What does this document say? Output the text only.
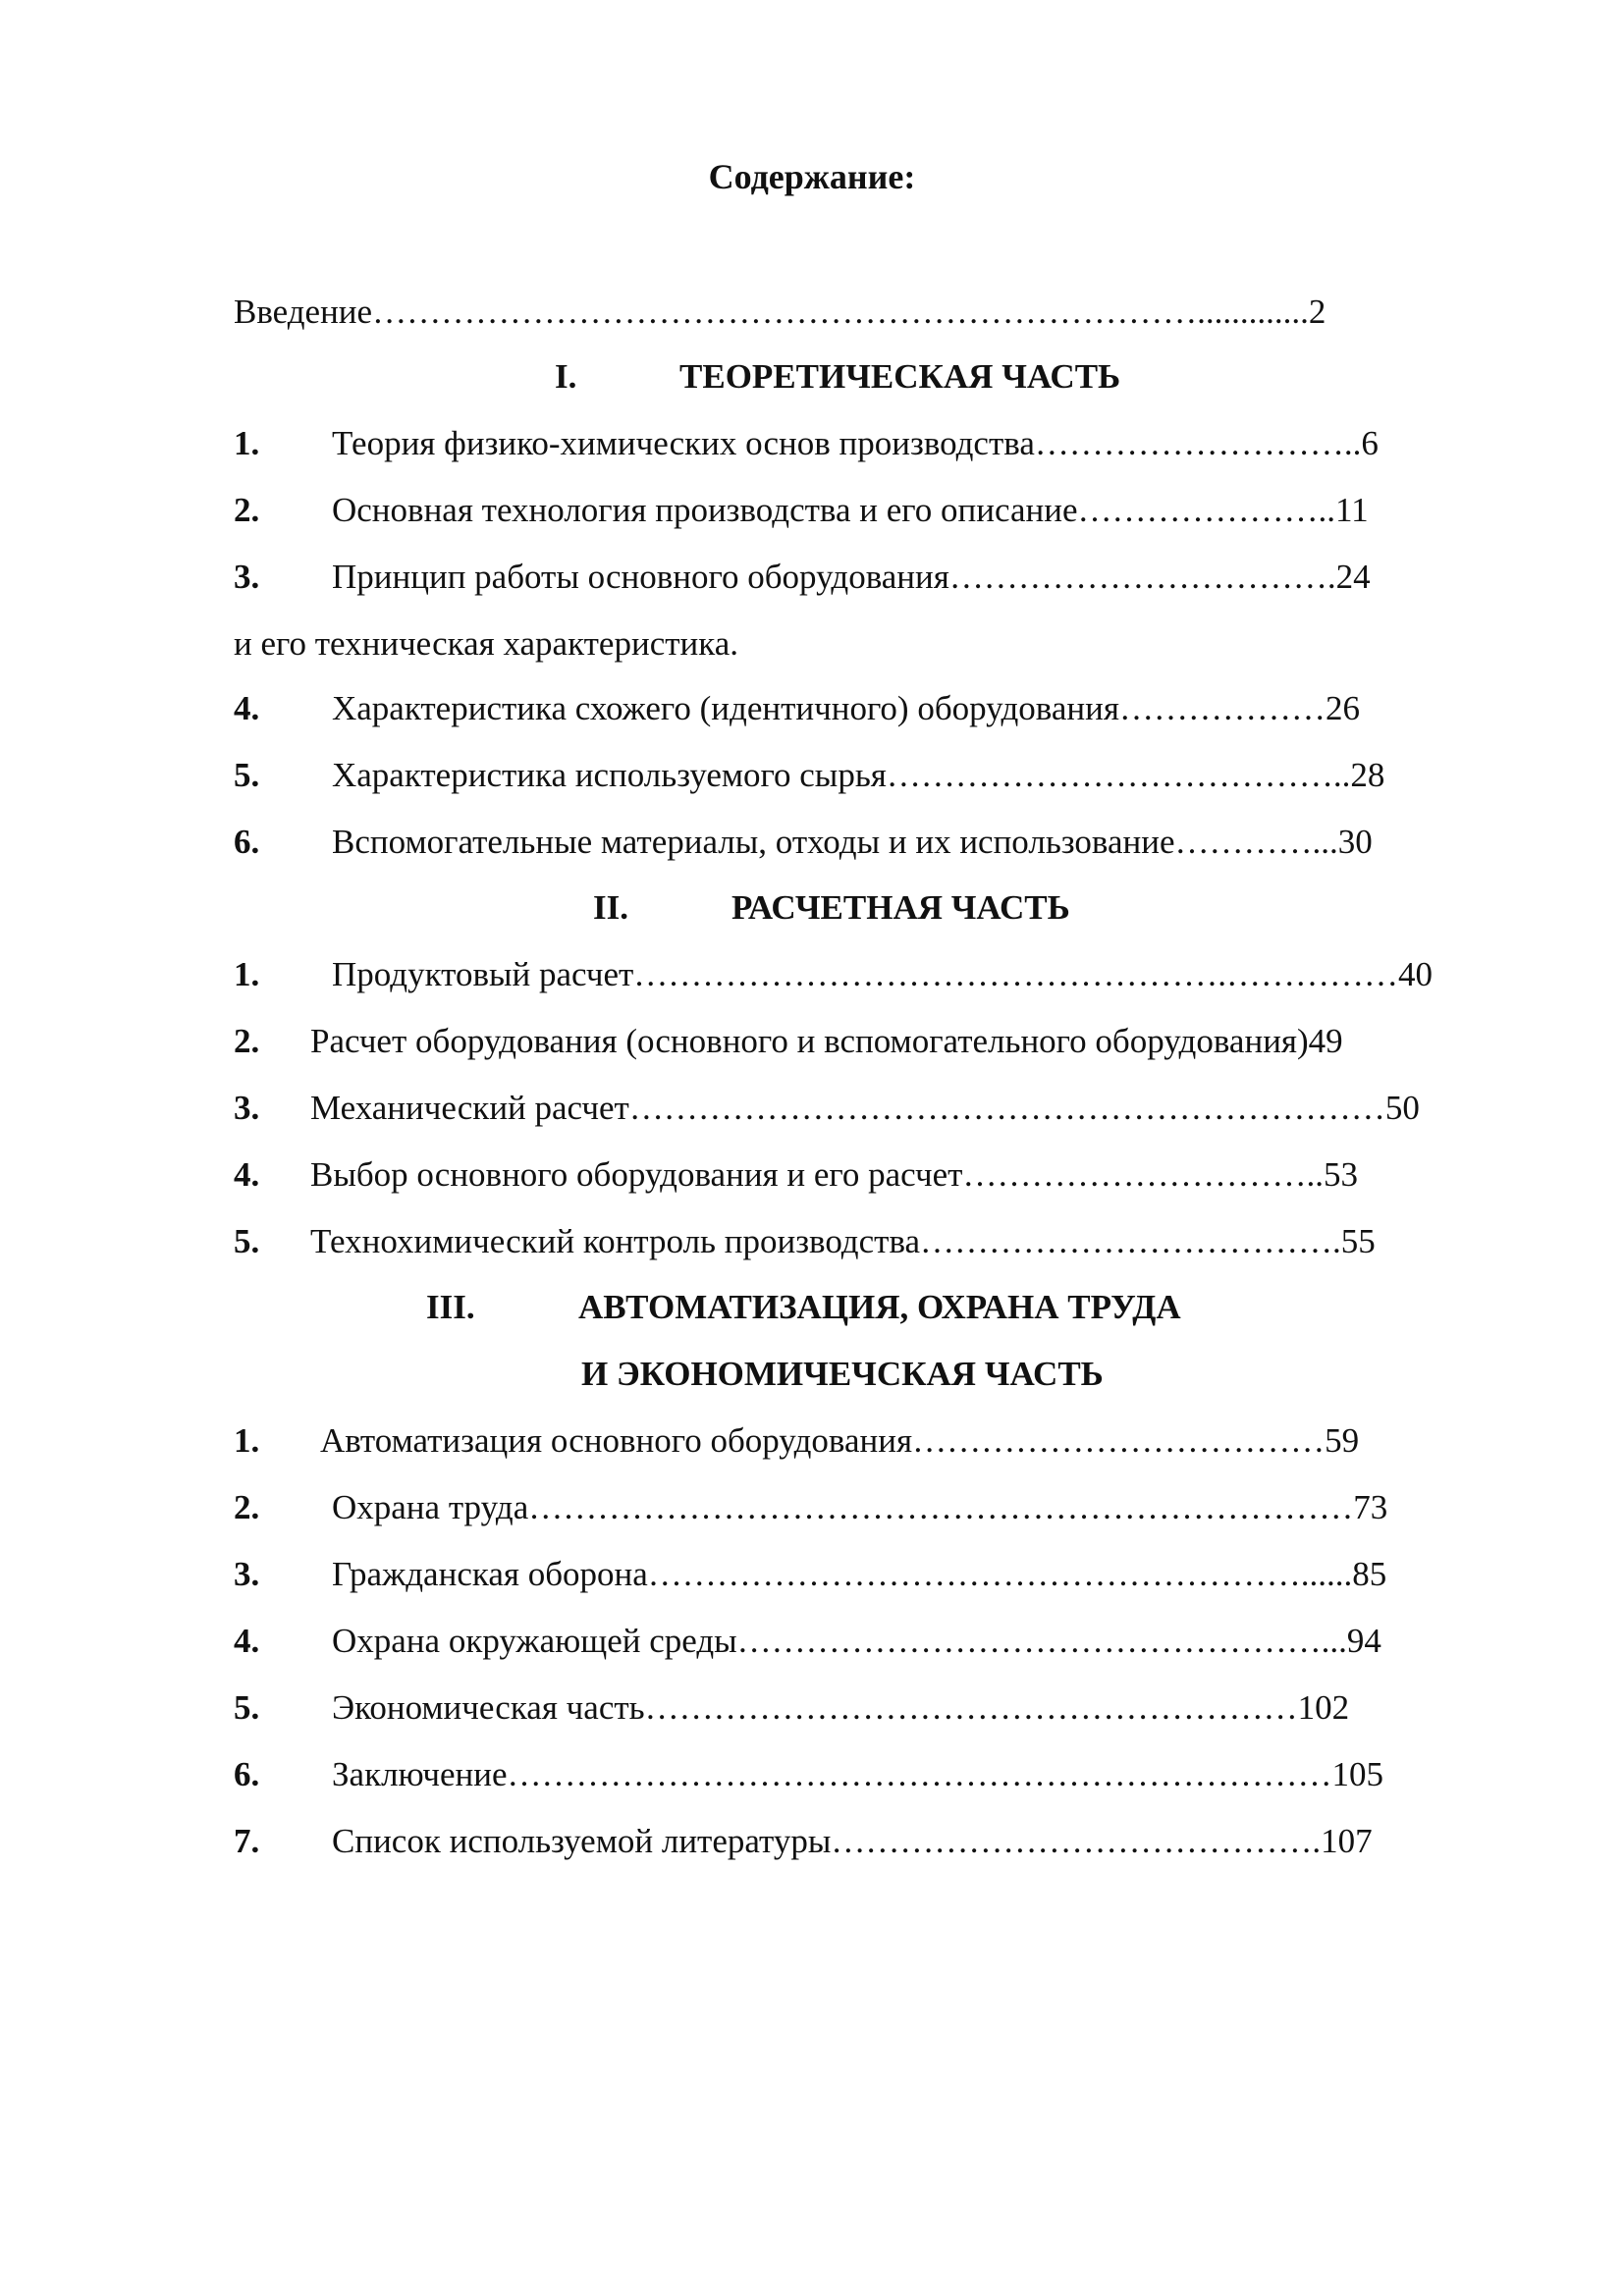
Содержание:
Введение……………………………………………………………….............2
I.	ТЕОРЕТИЧЕСКАЯ ЧАСТЬ
1. Теория физико-химических основ производства………………………..6
2. Основная технология производства и его описание…………………..11
3. Принцип работы основного оборудования…………………………….24
и его техническая характеристика.
4. Характеристика схожего (идентичного) оборудования………………26
5. Характеристика используемого сырья…………………………………..28
6. Вспомогательные материалы, отходы и их использование…………...30
II.	РАСЧЕТНАЯ ЧАСТЬ
1. Продуктовый расчет…………………………………………….……………40
2. Расчет оборудования (основного и вспомогательного оборудования)49
3. Механический расчет…………………………………………………………50
4. Выбор основного оборудования и его расчет…………………………..53
5. Технохимический контроль производства……………………………….55
III.	АВТОМАТИЗАЦИЯ, ОХРАНА ТРУДА
И ЭКОНОМИЧЕЧСКАЯ ЧАСТЬ
1. Автоматизация основного оборудования………………………………59
2. Охрана труда………………………………………………………………73
3. Гражданская оборона…………………………………………………......85
4. Охрана окружающей среды……………………………………………...94
5. Экономическая часть…………………………………………………102
6. Заключение………………………………………………………………105
7. Список используемой литературы…………………………………….107
